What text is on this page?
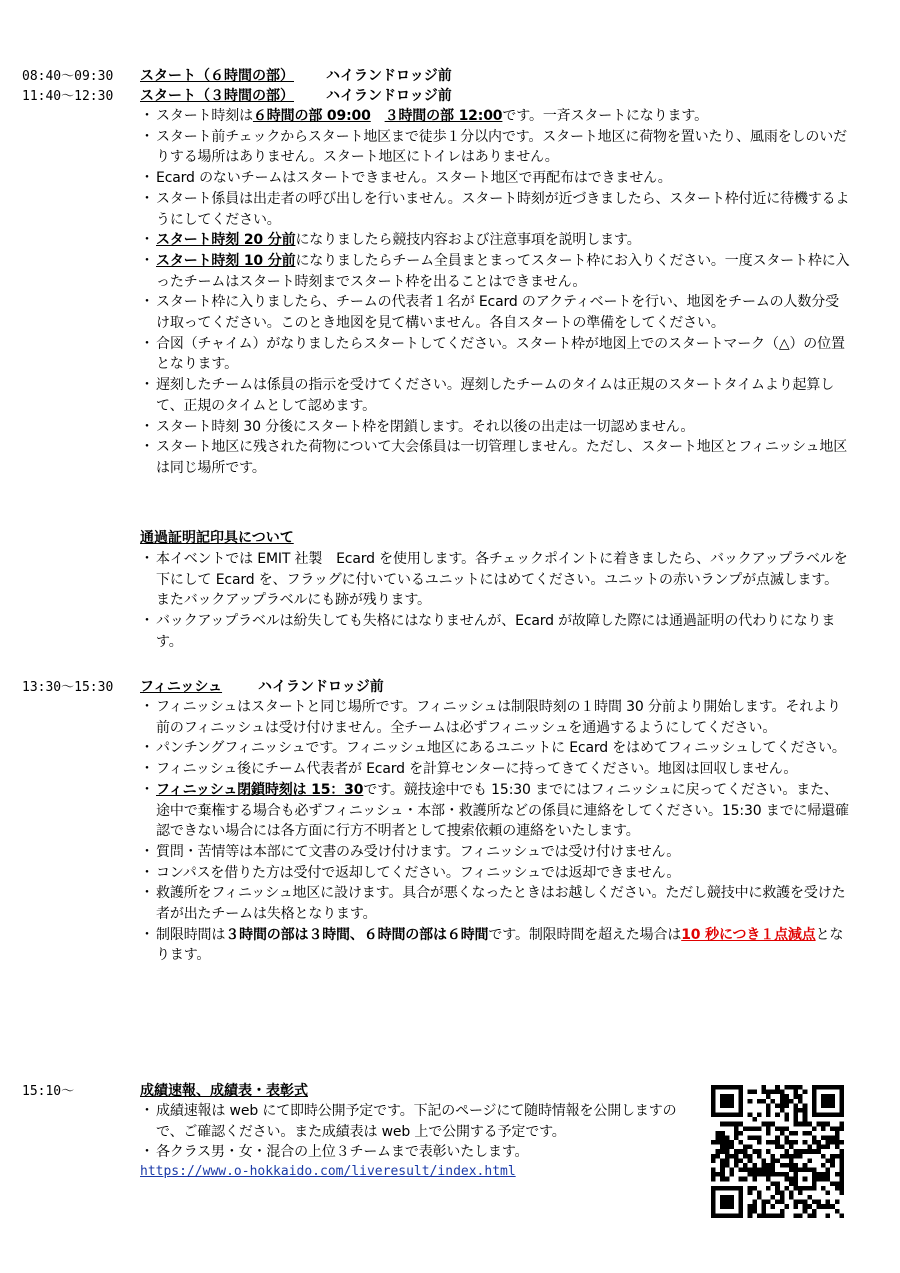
08:40～09:30 スタート（６時間の部） ハイランドロッジ前
11:40～12:30 スタート（３時間の部） ハイランドロッジ前

・ スタート時刻は６時間の部 09:00　 ３時間の部 12:00です。一斉スタートになります。

・ スタート前チェックからスタート地区まで徒歩１分以内です。スタート地区に荷物を置いたり、風雨をしのいだりする場所はありません。スタート地区にトイレはありません。

・ Ecard のないチームはスタートできません。スタート地区で再配布はできません。

・ スタート係員は出走者の呼び出しを行いません。スタート時刻が近づきましたら、スタート枠付近に待機するようにしてください。

・ スタート時刻 20 分前になりましたら競技内容および注意事項を説明します。

・ スタート時刻 10 分前になりましたらチーム全員まとまってスタート枠にお入りください。一度スタート枠に入ったチームはスタート時刻までスタート枠を出ることはできません。

・ スタート枠に入りましたら、チームの代表者１名が Ecard のアクティベートを行い、地図をチームの人数分受け取ってください。このとき地図を見て構いません。各自スタートの準備をしてください。

・ 合図（チャイム）がなりましたらスタートしてください。スタート枠が地図上でのスタートマーク（△）の位置となります。

・ 遅刻したチームは係員の指示を受けてください。遅刻したチームのタイムは正規のスタートタイムより起算して、正規のタイムとして認めます。

・ スタート時刻 30 分後にスタート枠を閉鎖します。それ以後の出走は一切認めません。

・ スタート地区に残された荷物について大会係員は一切管理しません。ただし、スタート地区とフィニッシュ地区は同じ場所です。

通過証明記印具について

・ 本イベントでは EMIT 社製　Ecard を使用します。各チェックポイントに着きましたら、バックアップラベルを下にして Ecard を、フラッグに付いているユニットにはめてください。ユニットの赤いランプが点滅します。またバックアップラベルにも跡が残ります。

・ バックアップラベルは紛失しても失格にはなりませんが、Ecard が故障した際には通過証明の代わりになります。

13:30～15:30 フィニッシュ	ハイランドロッジ前

・ フィニッシュはスタートと同じ場所です。フィニッシュは制限時刻の１時間 30 分前より開始します。それより前のフィニッシュは受け付けません。全チームは必ずフィニッシュを通過するようにしてください。

・ パンチングフィニッシュです。フィニッシュ地区にあるユニットに Ecard をはめてフィニッシュしてください。

・ フィニッシュ後にチーム代表者が Ecard を計算センターに持ってきてください。地図は回収しません。

・ フィニッシュ閉鎖時刻は 15：30です。競技途中でも 15:30 までにはフィニッシュに戻ってください。また、途中で棄権する場合も必ずフィニッシュ・本部・救護所などの係員に連絡をしてください。15:30 までに帰還確認できない場合には各方面に行方不明者として捜索依頼の連絡をいたします。

・ 質問・苦情等は本部にて文書のみ受け付けます。フィニッシュでは受け付けません。

・ コンパスを借りた方は受付で返却してください。フィニッシュでは返却できません。

・ 救護所をフィニッシュ地区に設けます。具合が悪くなったときはお越しください。ただし競技中に救護を受けた者が出たチームは失格となります。

・ 制限時間は３時間の部は３時間、６時間の部は６時間です。制限時間を超えた場合は10 秒につき１点減点となります。

15:10～	成績速報、成績表・表彰式

・ 成績速報は web にて即時公開予定です。下記のページにて随時情報を公開しますので、ご確認ください。また成績表は web 上で公開する予定です。

・ 各クラス男・女・混合の上位３チームまで表彰いたします。

https://www.o-hokkaido.com/liveresult/index.html
